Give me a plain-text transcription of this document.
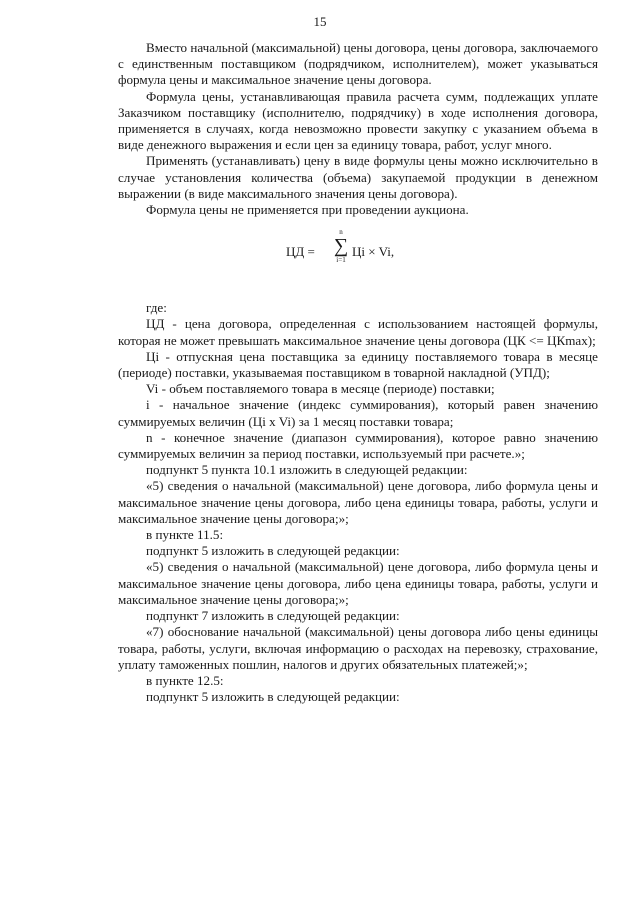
15

Вместо начальной (максимальной) цены договора, цены договора, заключаемого с единственным поставщиком (подрядчиком, исполнителем), может указываться формула цены и максимальное значение цены договора.

Формула цены, устанавливающая правила расчета сумм, подлежащих уплате Заказчиком поставщику (исполнителю, подрядчику) в ходе исполнения договора, применяется в случаях, когда невозможно провести закупку с указанием объема в виде денежного выражения и если цен за единицу товара, работ, услуг много.

Применять (устанавливать) цену в виде формулы цены можно исключительно в случае установления количества (объема) закупаемой продукции в денежном выражении (в виде максимального значения цены договора).

Формула цены не применяется при проведении аукциона.

ЦД =
n
∑
i=1
Цi × Vi,

где:

ЦД - цена договора, определенная с использованием настоящей формулы, которая не может превышать максимальное значение цены договора (ЦК <= ЦКmax);

Цi - отпускная цена поставщика за единицу поставляемого товара в месяце (периоде) поставки, указываемая поставщиком в товарной накладной (УПД);

Vi - объем поставляемого товара в месяце (периоде) поставки;

i - начальное значение (индекс суммирования), который равен значению суммируемых величин (Цi x Vi) за 1 месяц поставки товара;

n - конечное значение (диапазон суммирования), которое равно значению суммируемых величин за период поставки, используемый при расчете.»;

подпункт 5 пункта 10.1 изложить в следующей редакции:

«5) сведения о начальной (максимальной) цене договора, либо формула цены и максимальное значение цены договора, либо цена единицы товара, работы, услуги и максимальное значение цены договора;»;

в пункте 11.5:

подпункт 5 изложить в следующей редакции:

«5) сведения о начальной (максимальной) цене договора, либо формула цены и максимальное значение цены договора, либо цена единицы товара, работы, услуги и максимальное значение цены договора;»;

подпункт 7 изложить в следующей редакции:

«7) обоснование начальной (максимальной) цены договора либо цены единицы товара, работы, услуги, включая информацию о расходах на перевозку, страхование, уплату таможенных пошлин, налогов и других обязательных платежей;»;

в пункте 12.5:

подпункт 5 изложить в следующей редакции:
